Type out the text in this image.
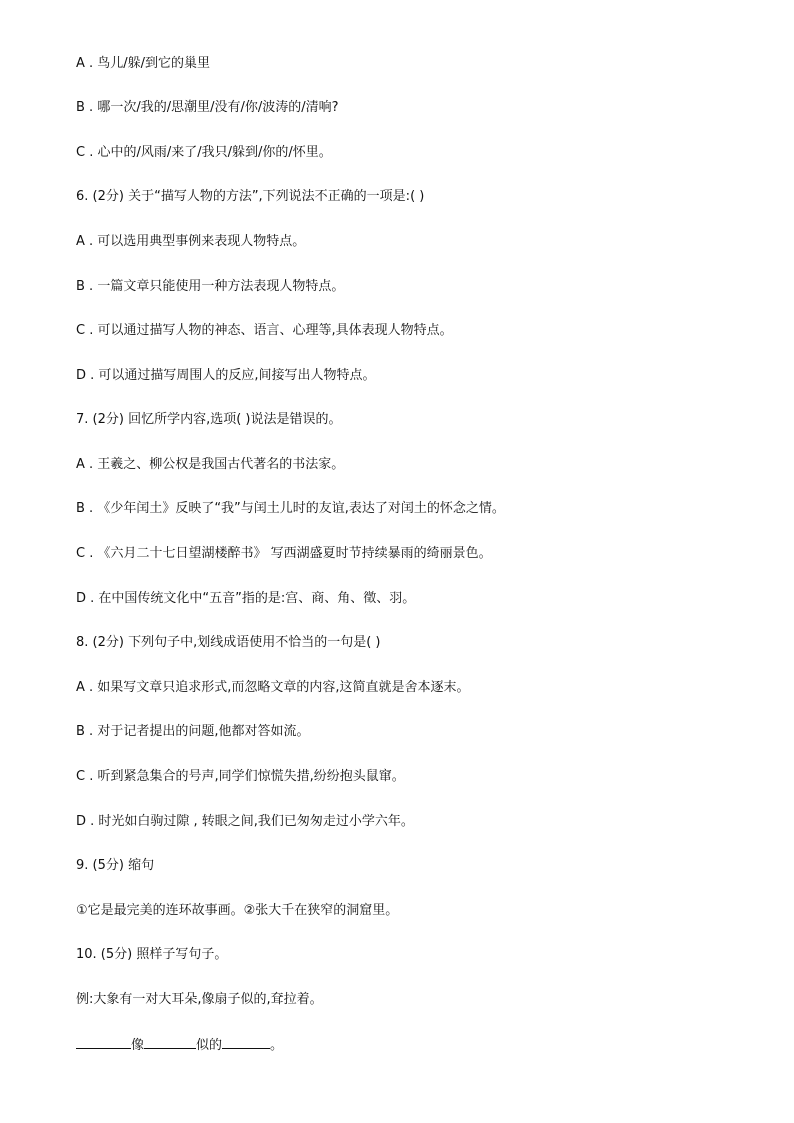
A . 鸟儿/躲/到它的巢里
B . 哪一次/我的/思潮里/没有/你/波涛的/清响?
C . 心中的/风雨/来了/我只/躲到/你的/怀里。
6. (2分) 关于“描写人物的方法”,下列说法不正确的一项是:( )
A . 可以选用典型事例来表现人物特点。
B . 一篇文章只能使用一种方法表现人物特点。
C . 可以通过描写人物的神态、语言、心理等,具体表现人物特点。
D . 可以通过描写周围人的反应,间接写出人物特点。
7. (2分) 回忆所学内容,选项( )说法是错误的。
A . 王羲之、柳公权是我国古代著名的书法家。
B . 《少年闰土》反映了“我”与闰土儿时的友谊,表达了对闰土的怀念之情。
C . 《六月二十七日望湖楼醉书》 写西湖盛夏时节持续暴雨的绮丽景色。
D . 在中国传统文化中“五音”指的是:宫、商、角、徵、羽。
8. (2分) 下列句子中,划线成语使用不恰当的一句是( )
A . 如果写文章只追求形式,而忽略文章的内容,这简直就是舍本逐末。
B . 对于记者提出的问题,他都对答如流。
C . 听到紧急集合的号声,同学们惊慌失措,纷纷抱头鼠窜。
D . 时光如白驹过隙 , 转眼之间,我们已匆匆走过小学六年。
9. (5分) 缩句
①它是最完美的连环故事画。②张大千在狭窄的洞窟里。
10. (5分) 照样子写句子。
例:大象有一对大耳朵,像扇子似的,耷拉着。
像	似的	。
